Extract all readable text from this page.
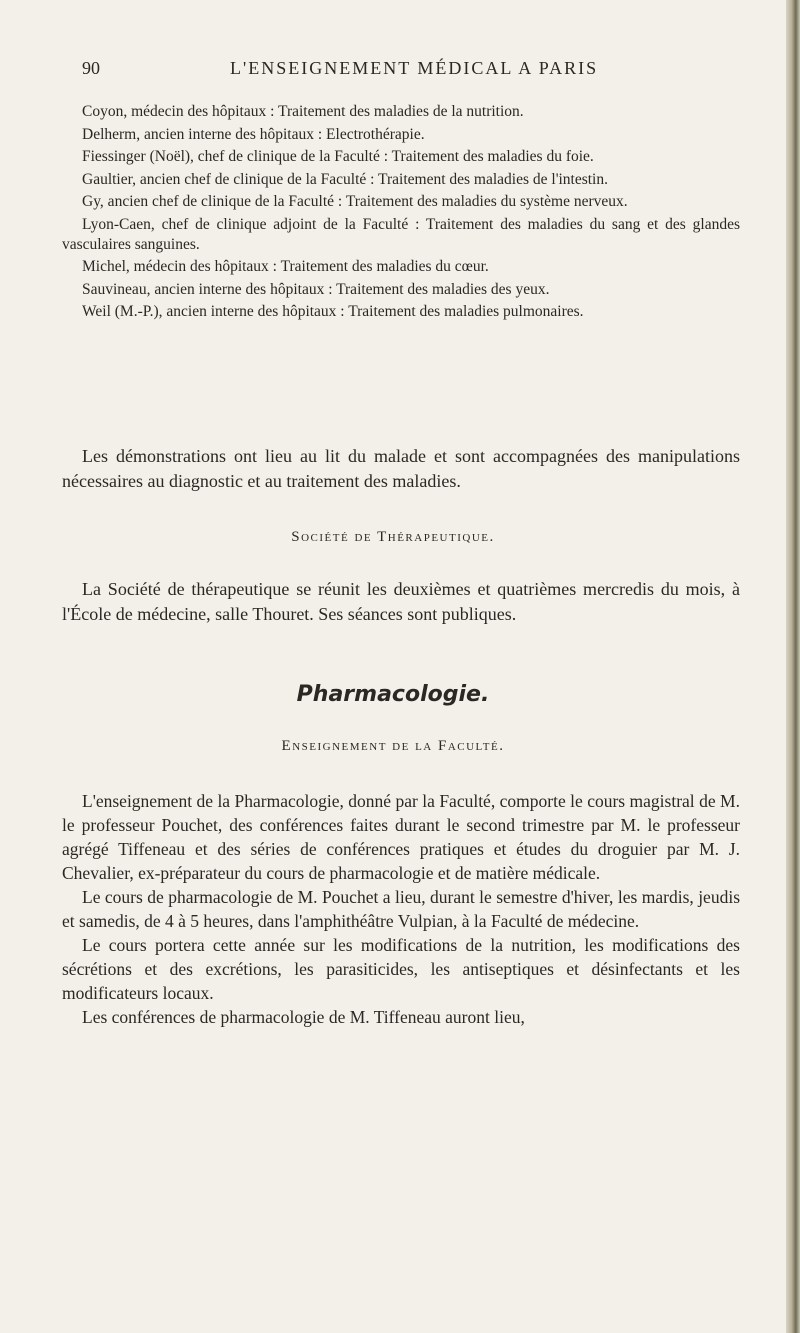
90	L'ENSEIGNEMENT MÉDICAL A PARIS

Coyon, médecin des hôpitaux : Traitement des maladies de la nutrition.

Delherm, ancien interne des hôpitaux : Electrothérapie.

Fiessinger (Noël), chef de clinique de la Faculté : Traitement des maladies du foie.

Gaultier, ancien chef de clinique de la Faculté : Traitement des maladies de l'intestin.

Gy, ancien chef de clinique de la Faculté : Traitement des maladies du système nerveux.

Lyon-Caen, chef de clinique adjoint de la Faculté : Traitement des maladies du sang et des glandes vasculaires sanguines.

Michel, médecin des hôpitaux : Traitement des maladies du cœur.

Sauvineau, ancien interne des hôpitaux : Traitement des maladies des yeux.

Weil (M.-P.), ancien interne des hôpitaux : Traitement des maladies pulmonaires.

Les démonstrations ont lieu au lit du malade et sont accompagnées des manipulations nécessaires au diagnostic et au traitement des maladies.

Société de Thérapeutique.

La Société de thérapeutique se réunit les deuxièmes et quatrièmes mercredis du mois, à l'École de médecine, salle Thouret. Ses séances sont publiques.

Pharmacologie.
Enseignement de la Faculté.

L'enseignement de la Pharmacologie, donné par la Faculté, comporte le cours magistral de M. le professeur Pouchet, des conférences faites durant le second trimestre par M. le professeur agrégé Tiffeneau et des séries de conférences pratiques et études du droguier par M. J. Chevalier, ex-préparateur du cours de pharmacologie et de matière médicale.

Le cours de pharmacologie de M. Pouchet a lieu, durant le semestre d'hiver, les mardis, jeudis et samedis, de 4 à 5 heures, dans l'amphithéâtre Vulpian, à la Faculté de médecine.

Le cours portera cette année sur les modifications de la nutrition, les modifications des sécrétions et des excrétions, les parasiticides, les antiseptiques et désinfectants et les modificateurs locaux.

Les conférences de pharmacologie de M. Tiffeneau auront lieu,
